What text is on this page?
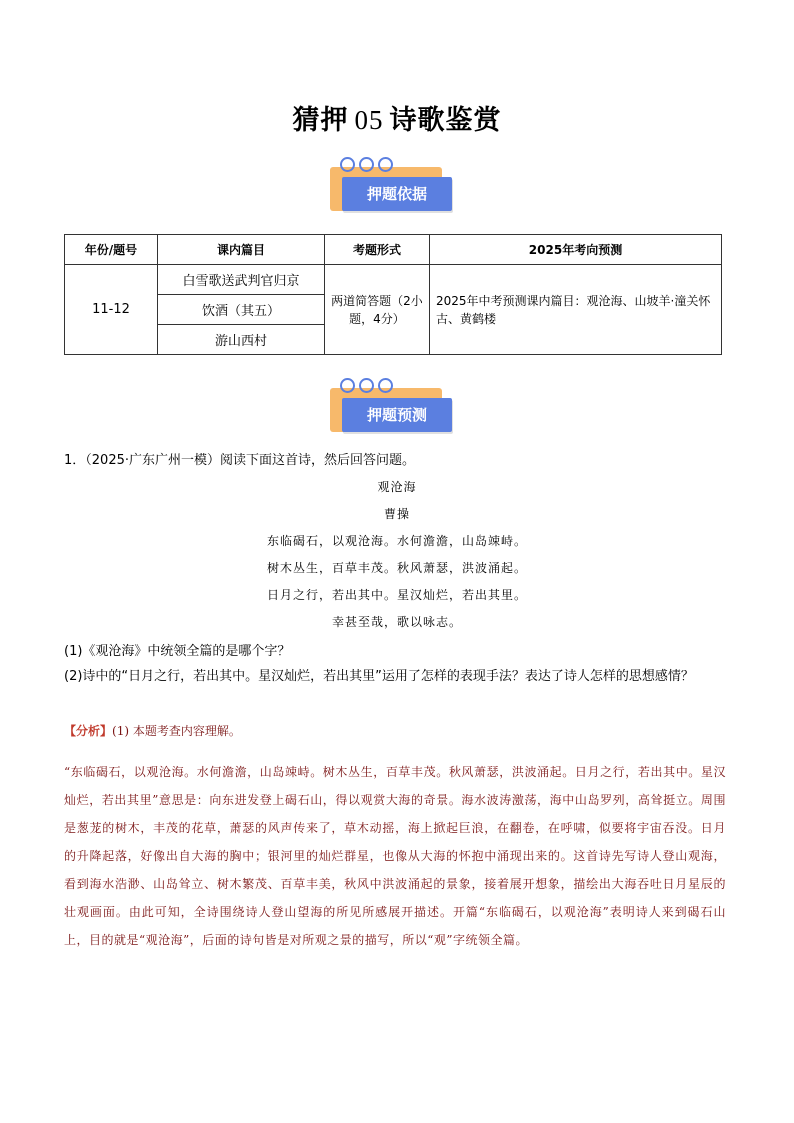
猜押 05 诗歌鉴赏
押题依据
年份/题号	课内篇目	考题形式	2025年考向预测
11-12	白雪歌送武判官归京	两道简答题（2小题，4分）	2025年中考预测课内篇目：观沧海、山坡羊·潼关怀古、黄鹤楼
	饮酒（其五）		
	游山西村		
押题预测
1．（2025·广东广州一模）阅读下面这首诗，然后回答问题。
观沧海
曹操
东临碣石，以观沧海。水何澹澹，山岛竦峙。
树木丛生，百草丰茂。秋风萧瑟，洪波涌起。
日月之行，若出其中。星汉灿烂，若出其里。
幸甚至哉，歌以咏志。
(1)《观沧海》中统领全篇的是哪个字？
(2)诗中的“日月之行，若出其中。星汉灿烂，若出其里”运用了怎样的表现手法？表达了诗人怎样的思想感情？
【分析】(1) 本题考查内容理解。
“东临碣石，以观沧海。水何澹澹，山岛竦峙。树木丛生，百草丰茂。秋风萧瑟，洪波涌起。日月之行，若出其中。星汉灿烂，若出其里”意思是：向东进发登上碣石山，得以观赏大海的奇景。海水波涛激荡，海中山岛罗列，高耸挺立。周围是葱茏的树木，丰茂的花草，萧瑟的风声传来了，草木动摇，海上掀起巨浪，在翻卷，在呼啸，似要将宇宙吞没。日月的升降起落，好像出自大海的胸中；银河里的灿烂群星，也像从大海的怀抱中涌现出来的。这首诗先写诗人登山观海，看到海水浩渺、山岛耸立、树木繁茂、百草丰美，秋风中洪波涌起的景象，接着展开想象，描绘出大海吞吐日月星辰的壮观画面。由此可知，全诗围绕诗人登山望海的所见所感展开描述。开篇“东临碣石，以观沧海”表明诗人来到碣石山上，目的就是“观沧海”，后面的诗句皆是对所观之景的描写，所以“观”字统领全篇。
